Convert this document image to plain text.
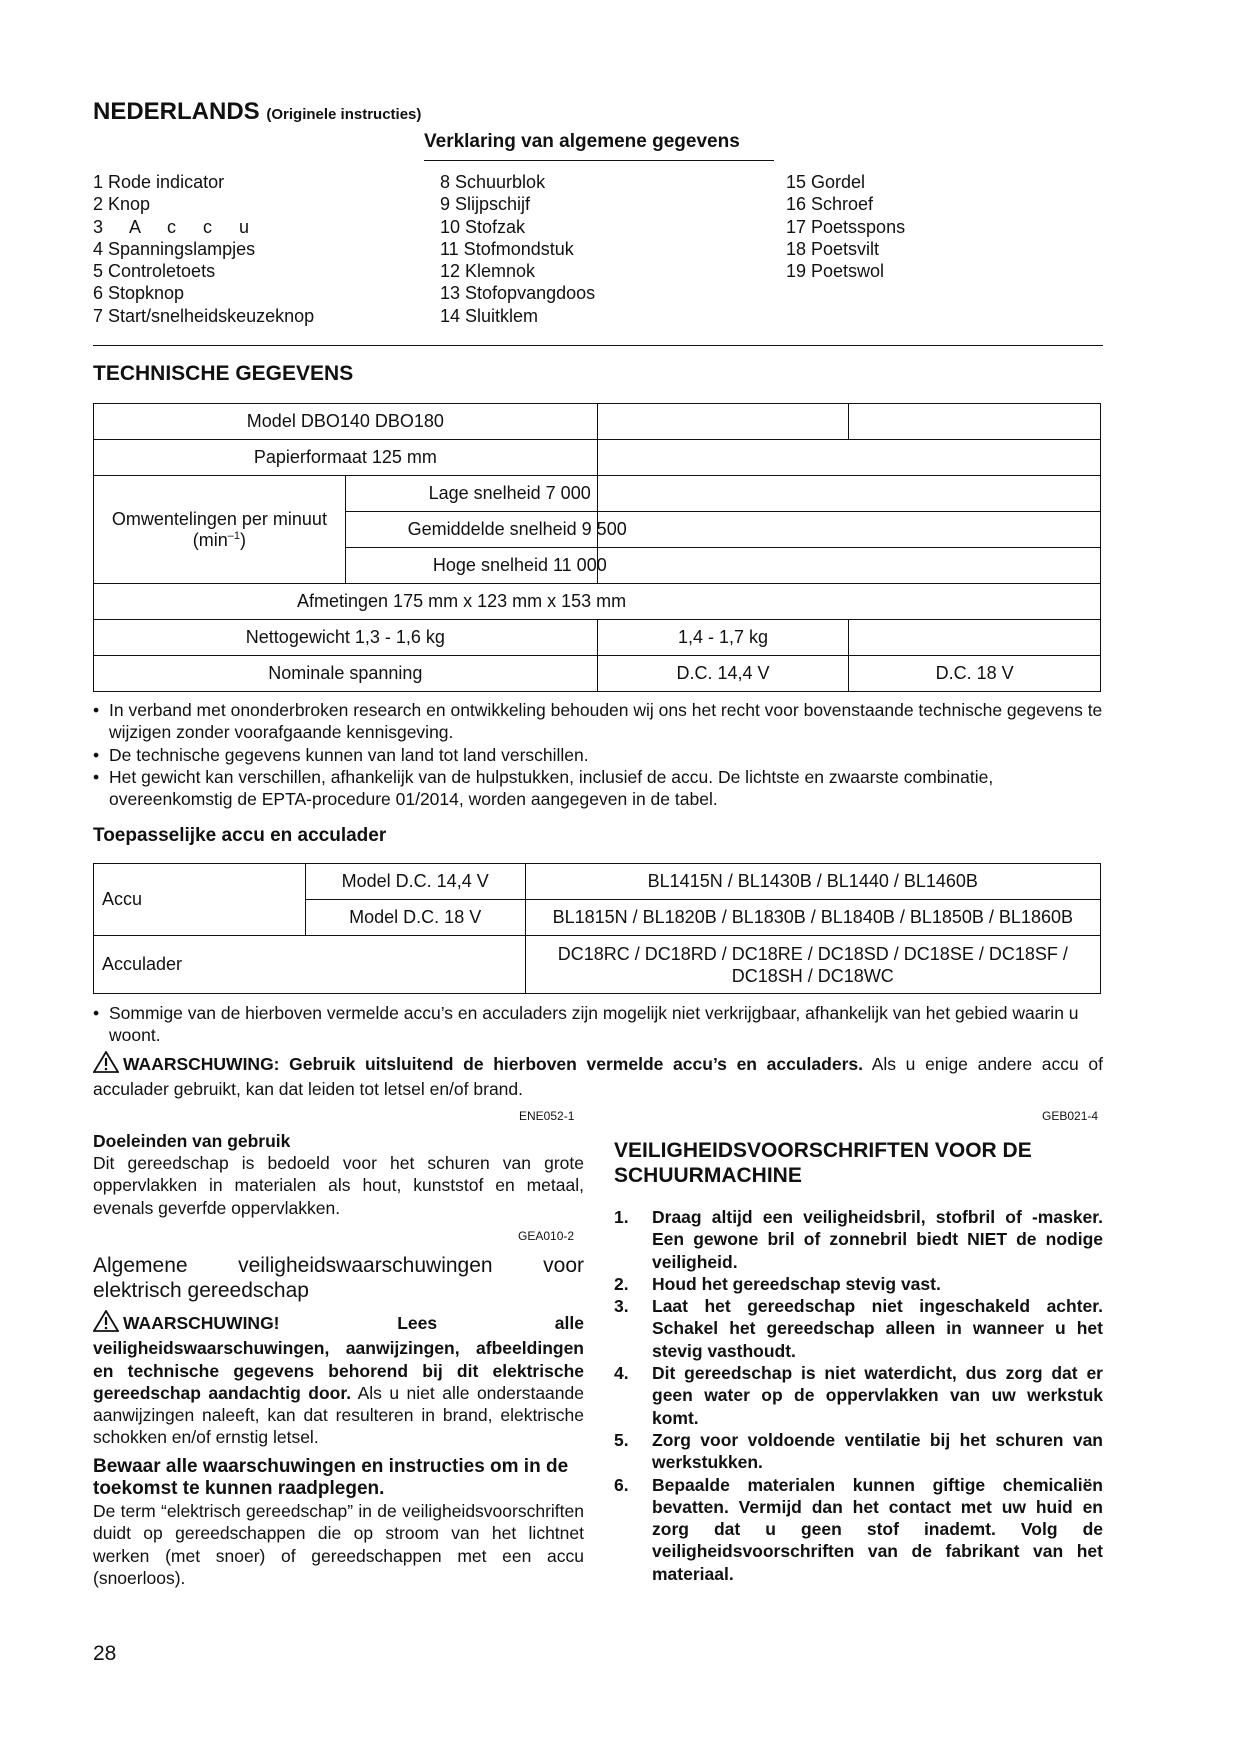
NEDERLANDS (Originele instructies)
Verklaring van algemene gegevens
1 Rode indicator
2 Knop
3 A c c u
4 Spanningslampjes
5 Controletoets
6 Stopknop
7 Start/snelheidskeuzeknop
8 Schuurblok
9 Slijpschijf
10 Stofzak
11 Stofmondstuk
12 Klemnok
13 Stofopvangdoos
14 Sluitklem
15 Gordel
16 Schroef
17 Poetsspons
18 Poetsvilt
19 Poetswol
TECHNISCHE GEGEVENS
Model DBO140 DBO180			
Papierformaat 125 mm			

Omwentelingen per minuut
$(\min^{-1})$	Lage snelheid 7 000		
	Gemiddelde snelheid 9 500		
	Hoge snelheid 11 000		
Afmetingen 175 mm x 123 mm x 153 mm			
Nettogewicht 1,3 - 1,6 kg		1,4 - 1,7 kg	
Nominale spanning		D.C. 14,4 V	D.C. 18 V
• In verband met ononderbroken research en ontwikkeling behouden wij ons het recht voor bovenstaande technische gegevens te wijzigen zonder voorafgaande kennisgeving.
• De technische gegevens kunnen van land tot land verschillen.
• Het gewicht kan verschillen, afhankelijk van de hulpstukken, inclusief de accu. De lichtste en zwaarste combinatie, overeenkomstig de EPTA-procedure 01/2014, worden aangegeven in de tabel.
Toepasselijke accu en acculader
Accu	Model D.C. 14,4 V	BL1415N / BL1430B / BL1440 / BL1460B
	Model D.C. 18 V	BL1815N / BL1820B / BL1830B / BL1840B / BL1850B / BL1860B
Acculader		DC18RC / DC18RD / DC18RE / DC18SD / DC18SE / DC18SF /
DC18SH / DC18WC
• Sommige van de hierboven vermelde accu’s en acculaders zijn mogelijk niet verkrijgbaar, afhankelijk van het gebied waarin u woont.
WAARSCHUWING: Gebruik uitsluitend de hierboven vermelde accu’s en acculaders. Als u enige andere accu of acculader gebruikt, kan dat leiden tot letsel en/of brand.
ENE052-1
Doeleinden van gebruik
Dit gereedschap is bedoeld voor het schuren van grote oppervlakken in materialen als hout, kunststof en metaal, evenals geverfde oppervlakken.
GEA010-2
Algemene veiligheidswaarschuwingen voor elektrisch gereedschap
WAARSCHUWING! Lees alle veiligheidswaarschuwingen, aanwijzingen, afbeeldingen en technische gegevens behorend bij dit elektrische gereedschap aandachtig door. Als u niet alle onderstaande aanwijzingen naleeft, kan dat resulteren in brand, elektrische schokken en/of ernstig letsel.
Bewaar alle waarschuwingen en instructies om in de toekomst te kunnen raadplegen.
De term “elektrisch gereedschap” in de veiligheidsvoorschriften duidt op gereedschappen die op stroom van het lichtnet werken (met snoer) of gereedschappen met een accu (snoerloos).
GEB021-4
VEILIGHEIDSVOORSCHRIFTEN VOOR DE SCHUURMACHINE
1. Draag altijd een veiligheidsbril, stofbril of -masker. Een gewone bril of zonnebril biedt NIET de nodige veiligheid.
2. Houd het gereedschap stevig vast.
3. Laat het gereedschap niet ingeschakeld achter. Schakel het gereedschap alleen in wanneer u het stevig vasthoudt.
4. Dit gereedschap is niet waterdicht, dus zorg dat er geen water op de oppervlakken van uw werkstuk komt.
5. Zorg voor voldoende ventilatie bij het schuren van werkstukken.
6. Bepaalde materialen kunnen giftige chemicaliën bevatten. Vermijd dan het contact met uw huid en zorg dat u geen stof inademt. Volg de veiligheidsvoorschriften van de fabrikant van het materiaal.
28
